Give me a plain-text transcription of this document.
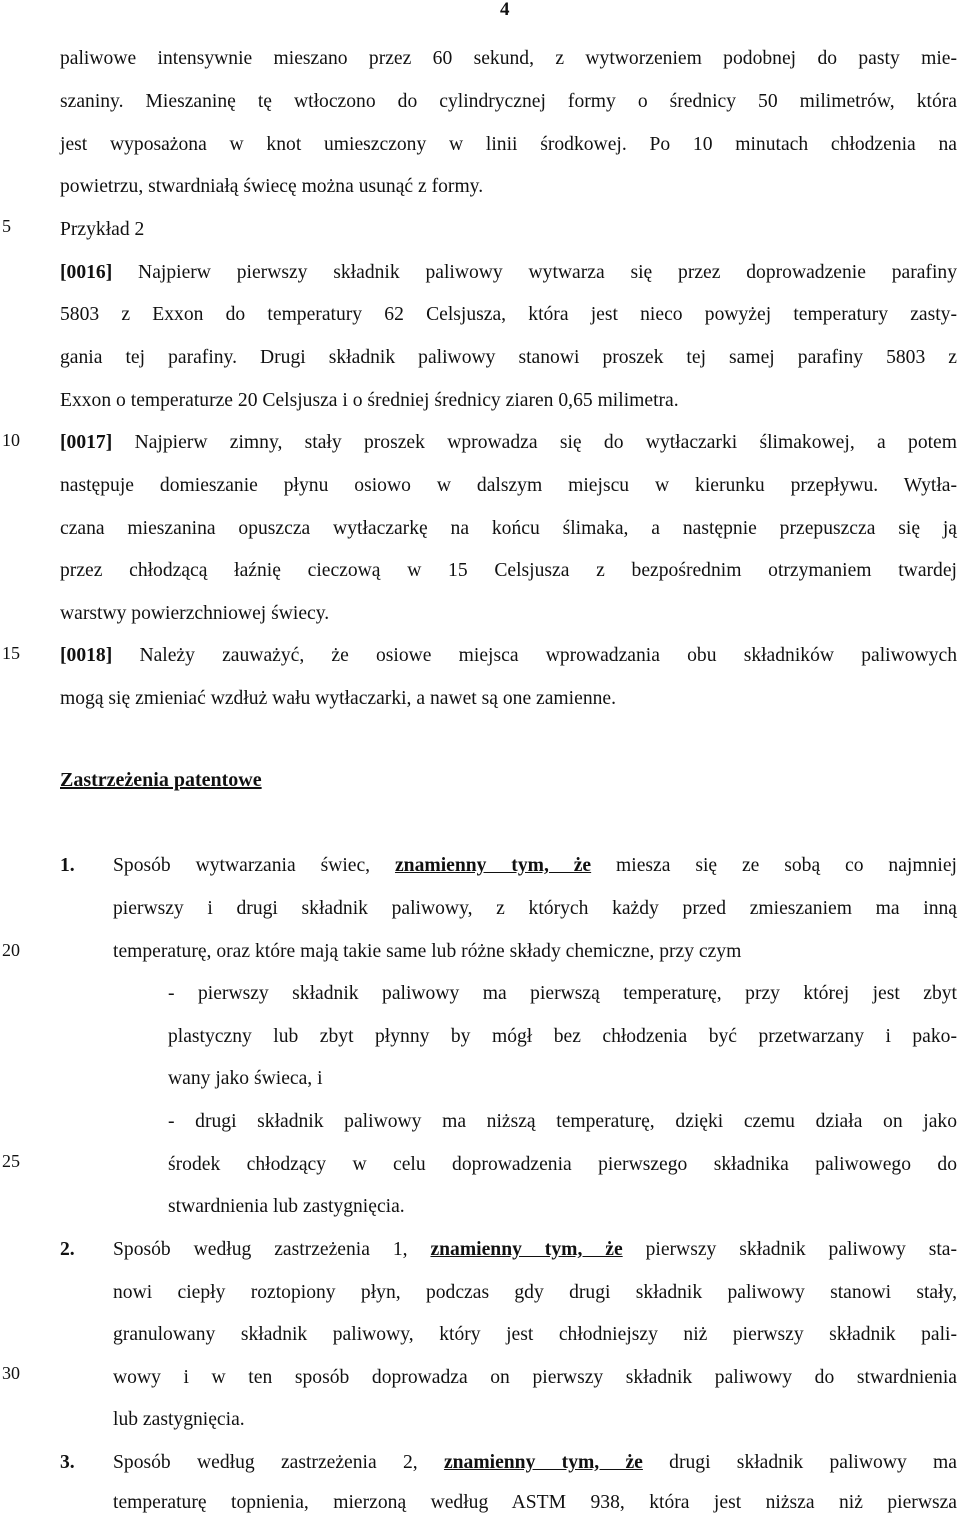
4
5
10
15
20
25
30
paliwowe intensywnie mieszano przez 60 sekund, z wytworzeniem podobnej do pasty mie-
szaniny. Mieszaninę tę wtłoczono do cylindrycznej formy o średnicy 50 milimetrów, która
jest wyposażona w knot umieszczony w linii środkowej. Po 10 minutach chłodzenia na
powietrzu, stwardniałą świecę można usunąć z formy.
Przykład 2
[0016] Najpierw pierwszy składnik paliwowy wytwarza się przez doprowadzenie parafiny
5803 z Exxon do temperatury 62 Celsjusza, która jest nieco powyżej temperatury zasty-
gania tej parafiny. Drugi składnik paliwowy stanowi proszek tej samej parafiny 5803 z
Exxon o temperaturze 20 Celsjusza i o średniej średnicy ziaren 0,65 milimetra.
[0017] Najpierw zimny, stały proszek wprowadza się do wytłaczarki ślimakowej, a potem
następuje domieszanie płynu osiowo w dalszym miejscu w kierunku przepływu. Wytła-
czana mieszanina opuszcza wytłaczarkę na końcu ślimaka, a następnie przepuszcza się ją
przez chłodzącą łaźnię cieczową w 15 Celsjusza z bezpośrednim otrzymaniem twardej
warstwy powierzchniowej świecy.
[0018] Należy zauważyć, że osiowe miejsca wprowadzania obu składników paliwowych
mogą się zmieniać wzdłuż wału wytłaczarki, a nawet są one zamienne.
Zastrzeżenia patentowe
1.	Sposób wytwarzania świec, znamienny tym, że miesza się ze sobą co najmniej
pierwszy i drugi składnik paliwowy, z których każdy przed zmieszaniem ma inną
temperaturę, oraz które mają takie same lub różne składy chemiczne, przy czym
- pierwszy składnik paliwowy ma pierwszą temperaturę, przy której jest zbyt
plastyczny lub zbyt płynny by mógł bez chłodzenia być przetwarzany i pako-
wany jako świeca, i
- drugi składnik paliwowy ma niższą temperaturę, dzięki czemu działa on jako
środek chłodzący w celu doprowadzenia pierwszego składnika paliwowego do
stwardnienia lub zastygnięcia.
2.	Sposób według zastrzeżenia 1, znamienny tym, że pierwszy składnik paliwowy sta-
nowi ciepły roztopiony płyn, podczas gdy drugi składnik paliwowy stanowi stały,
granulowany składnik paliwowy, który jest chłodniejszy niż pierwszy składnik pali-
wowy i w ten sposób doprowadza on pierwszy składnik paliwowy do stwardnienia
lub zastygnięcia.
3.	Sposób według zastrzeżenia 2, znamienny tym, że drugi składnik paliwowy ma
temperaturę topnienia, mierzoną według ASTM 938, która jest niższa niż pierwsza
